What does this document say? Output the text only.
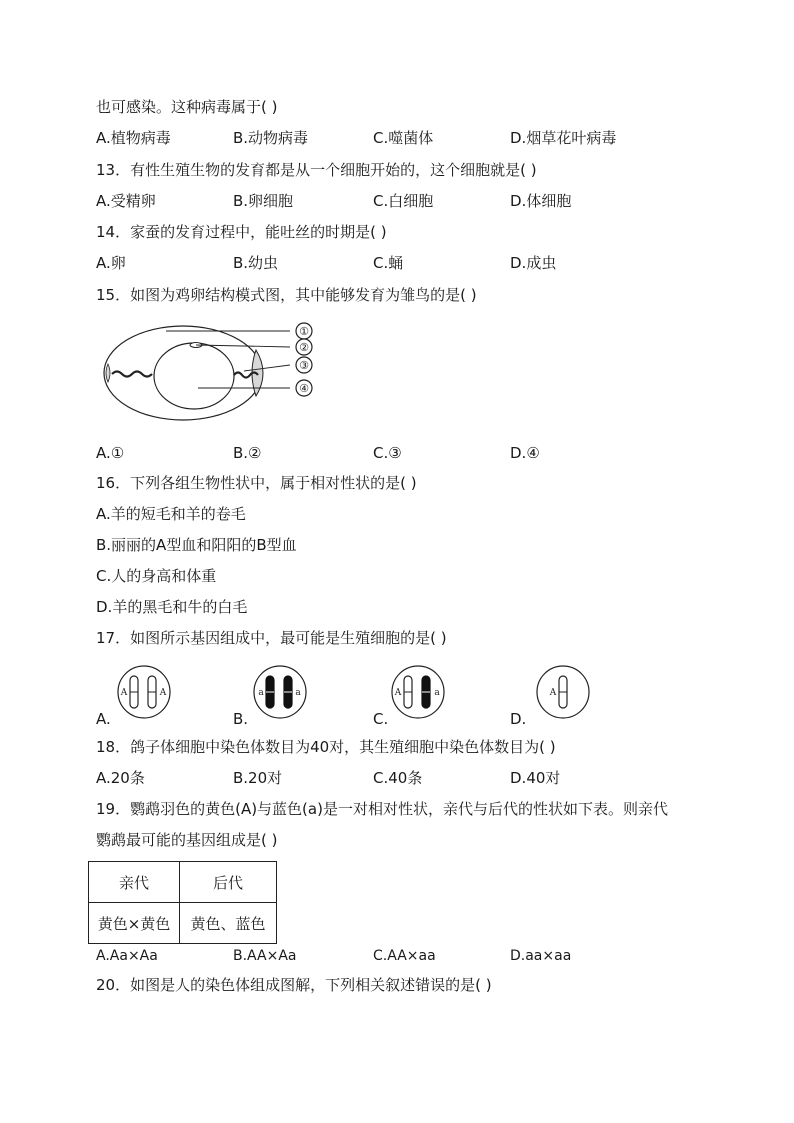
也可感染。这种病毒属于( )
A.植物病毒	B.动物病毒	C.噬菌体	D.烟草花叶病毒
13．有性生殖生物的发育都是从一个细胞开始的，这个细胞就是( )
A.受精卵	B.卵细胞	C.白细胞	D.体细胞
14．家蚕的发育过程中，能吐丝的时期是( )
A.卵	B.幼虫	C.蛹	D.成虫
15．如图为鸡卵结构模式图，其中能够发育为雏鸟的是( )
①
②
③
④
A.①	B.②	C.③	D.④
16．下列各组生物性状中，属于相对性状的是( )
A.羊的短毛和羊的卷毛
B.丽丽的A型血和阳阳的B型血
C.人的身高和体重
D.羊的黑毛和牛的白毛
17．如图所示基因组成中，最可能是生殖细胞的是( )
A	A	a	a	A	a	A
A.	B.	C.	D.
18．鸽子体细胞中染色体数目为40对，其生殖细胞中染色体数目为( )
A.20条	B.20对	C.40条	D.40对
19．鹦鹉羽色的黄色(A)与蓝色(a)是一对相对性状，亲代与后代的性状如下表。则亲代
鹦鹉最可能的基因组成是( )
亲代	后代
黄色×黄色	黄色、蓝色
A.Aa×Aa	B.AA×Aa	C.AA×aa	D.aa×aa
20．如图是人的染色体组成图解，下列相关叙述错误的是( )
